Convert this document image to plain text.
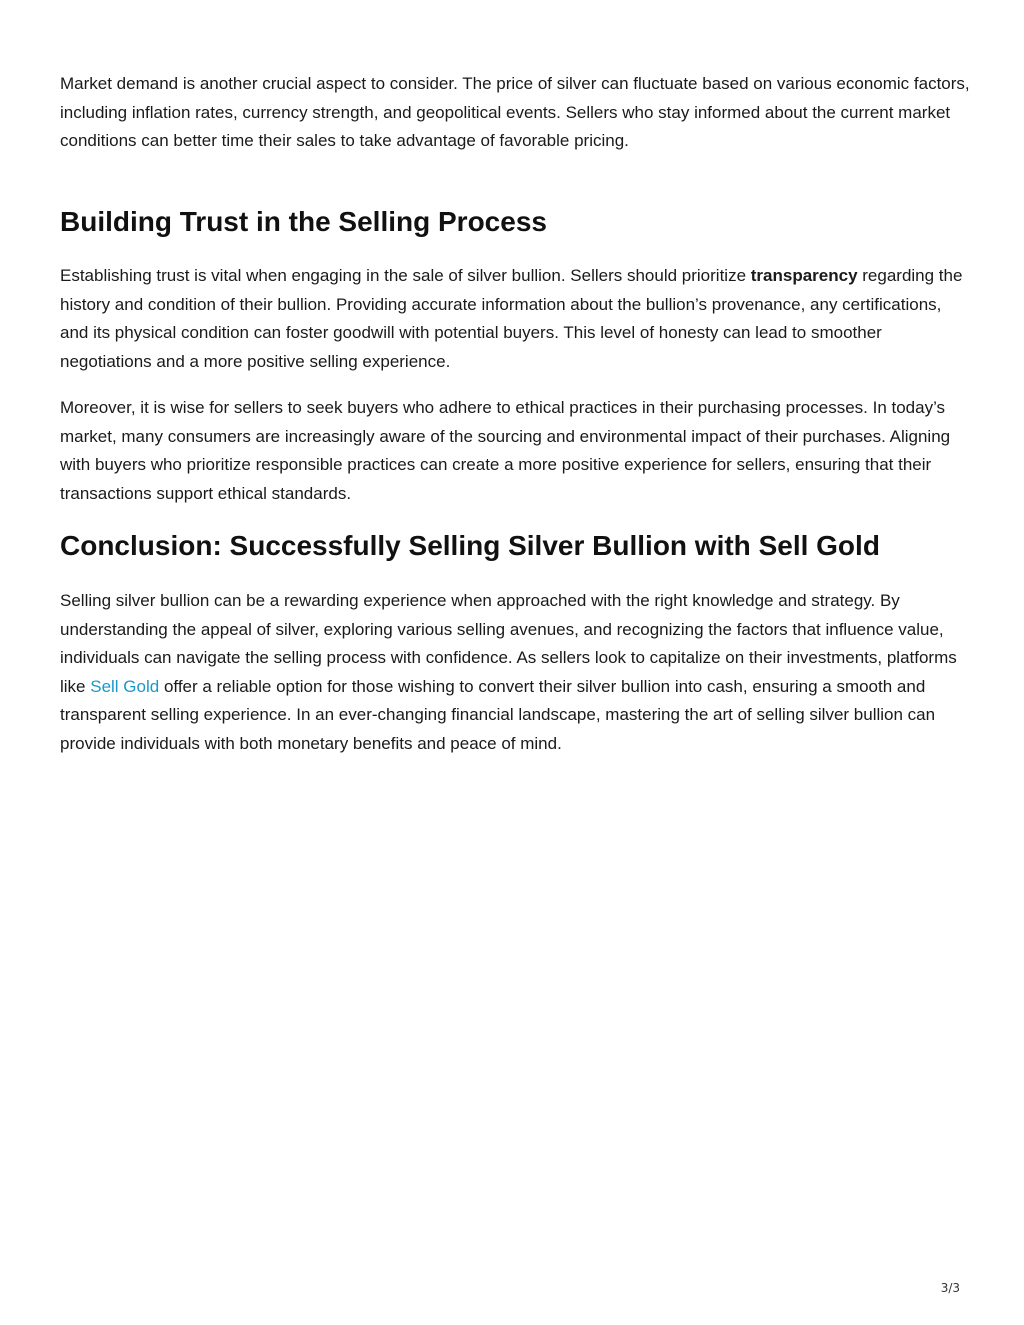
Market demand is another crucial aspect to consider. The price of silver can fluctuate based on various economic factors, including inflation rates, currency strength, and geopolitical events. Sellers who stay informed about the current market conditions can better time their sales to take advantage of favorable pricing.

Building Trust in the Selling Process

Establishing trust is vital when engaging in the sale of silver bullion. Sellers should prioritize transparency regarding the history and condition of their bullion. Providing accurate information about the bullion’s provenance, any certifications, and its physical condition can foster goodwill with potential buyers. This level of honesty can lead to smoother negotiations and a more positive selling experience.

Moreover, it is wise for sellers to seek buyers who adhere to ethical practices in their purchasing processes. In today’s market, many consumers are increasingly aware of the sourcing and environmental impact of their purchases. Aligning with buyers who prioritize responsible practices can create a more positive experience for sellers, ensuring that their transactions support ethical standards.

Conclusion: Successfully Selling Silver Bullion with Sell Gold

Selling silver bullion can be a rewarding experience when approached with the right knowledge and strategy. By understanding the appeal of silver, exploring various selling avenues, and recognizing the factors that influence value, individuals can navigate the selling process with confidence. As sellers look to capitalize on their investments, platforms like Sell Gold offer a reliable option for those wishing to convert their silver bullion into cash, ensuring a smooth and transparent selling experience. In an ever-changing financial landscape, mastering the art of selling silver bullion can provide individuals with both monetary benefits and peace of mind.

3/3
